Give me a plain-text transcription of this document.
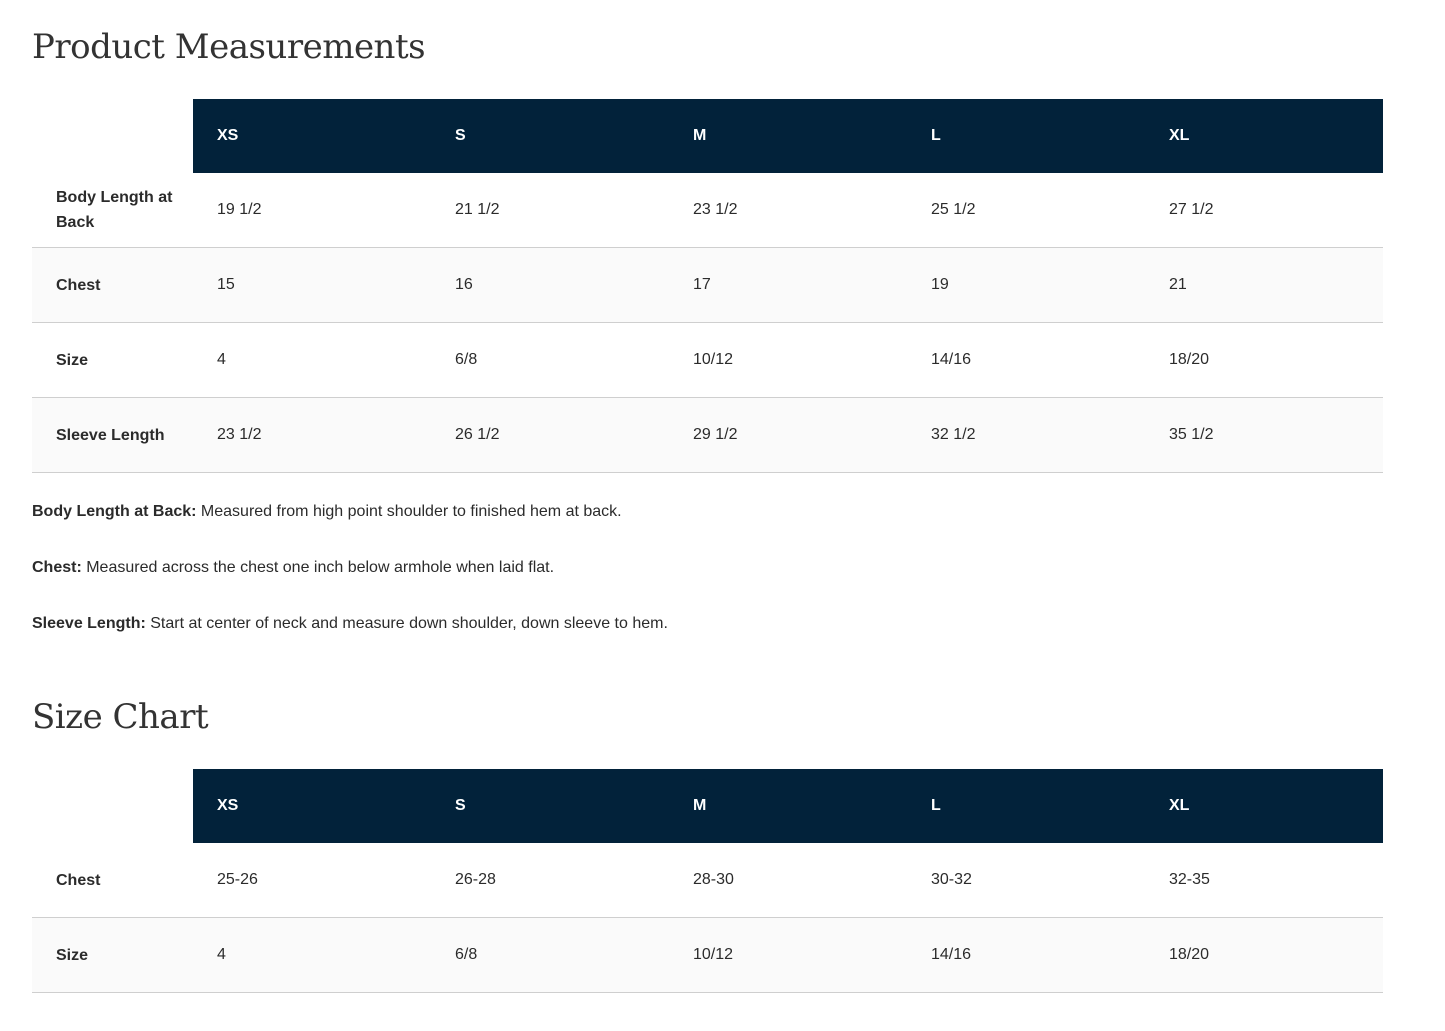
Product Measurements
	XS	S	M	L	XL
Body Length at Back	19 1/2	21 1/2	23 1/2	25 1/2	27 1/2
Chest	15	16	17	19	21
Size	4	6/8	10/12	14/16	18/20
Sleeve Length	23 1/2	26 1/2	29 1/2	32 1/2	35 1/2

Body Length at Back: Measured from high point shoulder to finished hem at back.

Chest: Measured across the chest one inch below armhole when laid flat.

Sleeve Length: Start at center of neck and measure down shoulder, down sleeve to hem.

Size Chart
	XS	S	M	L	XL
Chest	25-26	26-28	28-30	30-32	32-35
Size	4	6/8	10/12	14/16	18/20
